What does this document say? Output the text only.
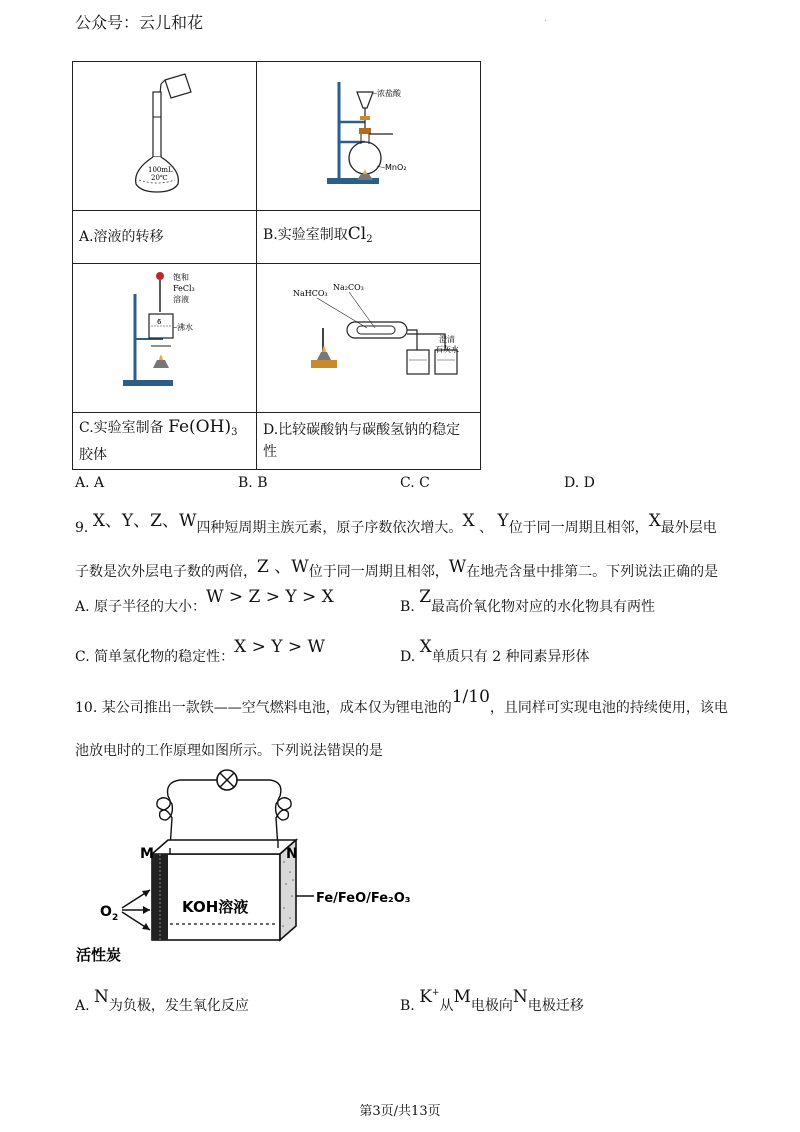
公众号：云儿和花	·
100mL
20℃	浓盐酸
MnO₂

A.溶液的转移	B.实验室制取$Cl_2$

6
饱和
FeCl₃
溶液
沸水	NaHCO₃
Na₂CO₃
澄清
石灰水

C.实验室制备 $Fe(OH)_3$
胶体	D.比较碳酸钠与碳酸氢钠的稳定性
A. A	B. B	C. C	D. D
9. X、Y、Z、W四种短周期主族元素，原子序数依次增大。X 、 Y位于同一周期且相邻，X最外层电
子数是次外层电子数的两倍，Z 、W位于同一周期且相邻，W在地壳含量中排第二。下列说法正确的是
A. 原子半径的大小：W > Z > Y > X	B. Z最高价氧化物对应的水化物具有两性
C. 简单氢化物的稳定性：X > Y > W	D. X单质只有 2 种同素异形体
10. 某公司推出一款铁——空气燃料电池，成本仅为锂电池的1/10，且同样可实现电池的持续使用，该电
池放电时的工作原理如图所示。下列说法错误的是
M	N
KOH溶液	Fe/FeO/Fe₂O₃
O 2
活性炭
A. N为负极，发生氧化反应	B. K+从M电极向N电极迁移
第3页/共13页
